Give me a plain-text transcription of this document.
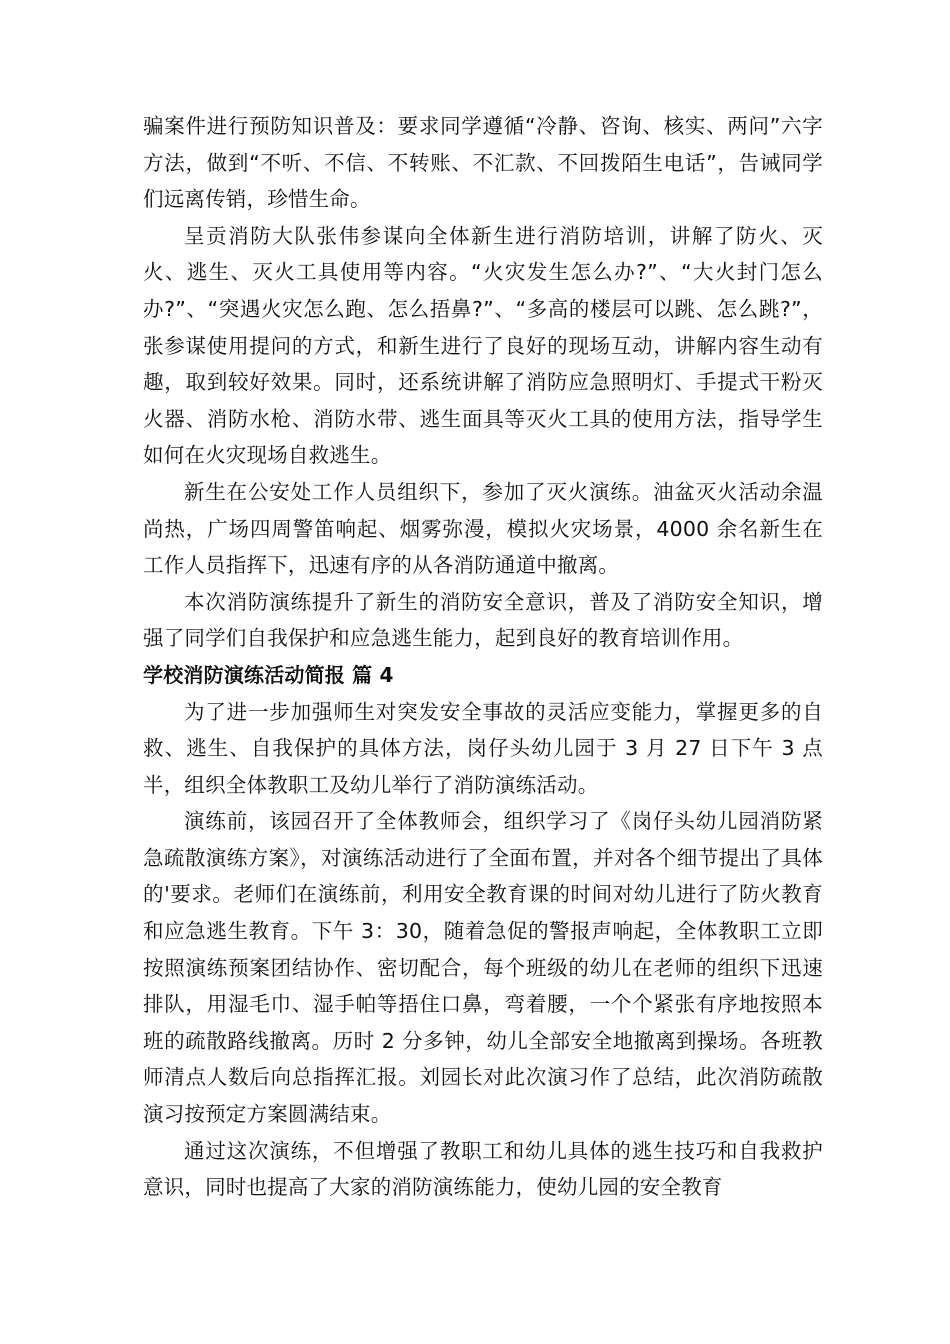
骗案件进行预防知识普及：要求同学遵循“冷静、咨询、核实、两问”六字方法，做到“不听、不信、不转账、不汇款、不回拨陌生电话”，告诫同学们远离传销，珍惜生命。

呈贡消防大队张伟参谋向全体新生进行消防培训，讲解了防火、灭火、逃生、灭火工具使用等内容。“火灾发生怎么办?”、“大火封门怎么办?”、“突遇火灾怎么跑、怎么捂鼻?”、“多高的楼层可以跳、怎么跳?”，张参谋使用提问的方式，和新生进行了良好的现场互动，讲解内容生动有趣，取到较好效果。同时，还系统讲解了消防应急照明灯、手提式干粉灭火器、消防水枪、消防水带、逃生面具等灭火工具的使用方法，指导学生如何在火灾现场自救逃生。

新生在公安处工作人员组织下，参加了灭火演练。油盆灭火活动余温尚热，广场四周警笛响起、烟雾弥漫，模拟火灾场景，4000 余名新生在工作人员指挥下，迅速有序的从各消防通道中撤离。

本次消防演练提升了新生的消防安全意识，普及了消防安全知识，增强了同学们自我保护和应急逃生能力，起到良好的教育培训作用。

学校消防演练活动简报 篇 4

为了进一步加强师生对突发安全事故的灵活应变能力，掌握更多的自救、逃生、自我保护的具体方法，岗仔头幼儿园于 3 月 27 日下午 3 点半，组织全体教职工及幼儿举行了消防演练活动。

演练前，该园召开了全体教师会，组织学习了《岗仔头幼儿园消防紧急疏散演练方案》，对演练活动进行了全面布置，并对各个细节提出了具体的'要求。老师们在演练前，利用安全教育课的时间对幼儿进行了防火教育和应急逃生教育。下午 3：30，随着急促的警报声响起，全体教职工立即按照演练预案团结协作、密切配合，每个班级的幼儿在老师的组织下迅速排队，用湿毛巾、湿手帕等捂住口鼻，弯着腰，一个个紧张有序地按照本班的疏散路线撤离。历时 2 分多钟，幼儿全部安全地撤离到操场。各班教师清点人数后向总指挥汇报。刘园长对此次演习作了总结，此次消防疏散演习按预定方案圆满结束。

通过这次演练，不但增强了教职工和幼儿具体的逃生技巧和自我救护意识，同时也提高了大家的消防演练能力，使幼儿园的安全教育
